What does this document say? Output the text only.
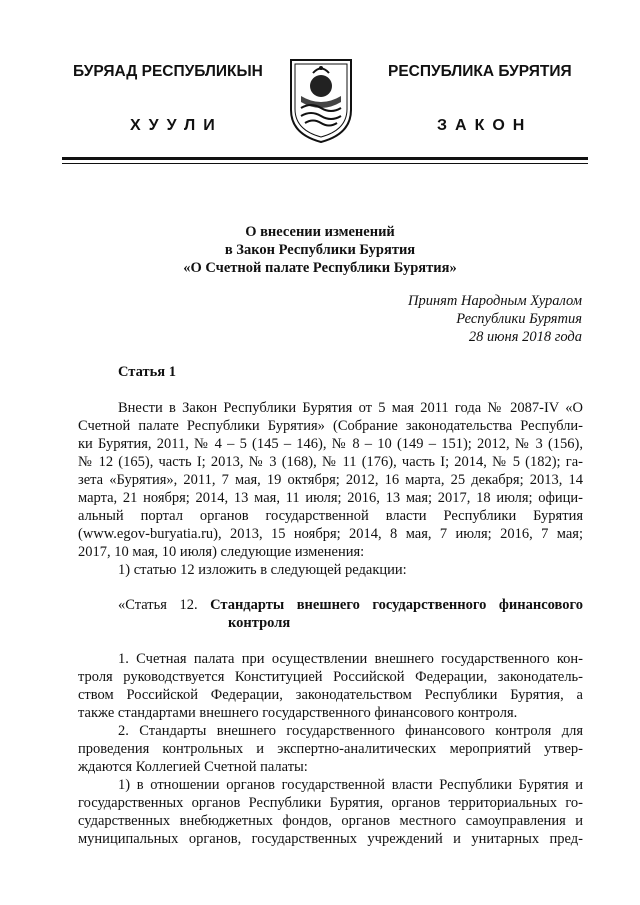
БУРЯАД РЕСПУБЛИКЫН
ХУУЛИ
РЕСПУБЛИКА БУРЯТИЯ
ЗАКОН
О внесении изменений
в Закон Республики Бурятия
«О Счетной палате Республики Бурятия»
Принят Народным Хуралом
Республики Бурятия
28 июня 2018 года
Статья 1
Внести в Закон Республики Бурятия от 5 мая 2011 года № 2087-IV «О
Счетной палате Республики Бурятия» (Собрание законодательства Республи-
ки Бурятия, 2011, № 4 – 5 (145 – 146), № 8 – 10 (149 – 151); 2012, № 3 (156),
№ 12 (165), часть I; 2013, № 3 (168), № 11 (176), часть I; 2014, № 5 (182); га-
зета «Бурятия», 2011, 7 мая, 19 октября; 2012, 16 марта, 25 декабря; 2013, 14
марта, 21 ноября; 2014, 13 мая, 11 июля; 2016, 13 мая; 2017, 18 июля; офици-
альный портал органов государственной власти Республики Бурятия
(www.egov-buryatia.ru), 2013, 15 ноября; 2014, 8 мая, 7 июля; 2016, 7 мая;
2017, 10 мая, 10 июля) следующие изменения:
1) статью 12 изложить в следующей редакции:
«Статья 12. Стандарты внешнего государственного финансового
контроля
1. Счетная палата при осуществлении внешнего государственного кон-
троля руководствуется Конституцией Российской Федерации, законодатель-
ством Российской Федерации, законодательством Республики Бурятия, а
также стандартами внешнего государственного финансового контроля.
2. Стандарты внешнего государственного финансового контроля для
проведения контрольных и экспертно-аналитических мероприятий утвер-
ждаются Коллегией Счетной палаты:
1) в отношении органов государственной власти Республики Бурятия и
государственных органов Республики Бурятия, органов территориальных го-
сударственных внебюджетных фондов, органов местного самоуправления и
муниципальных органов, государственных учреждений и унитарных пред-
